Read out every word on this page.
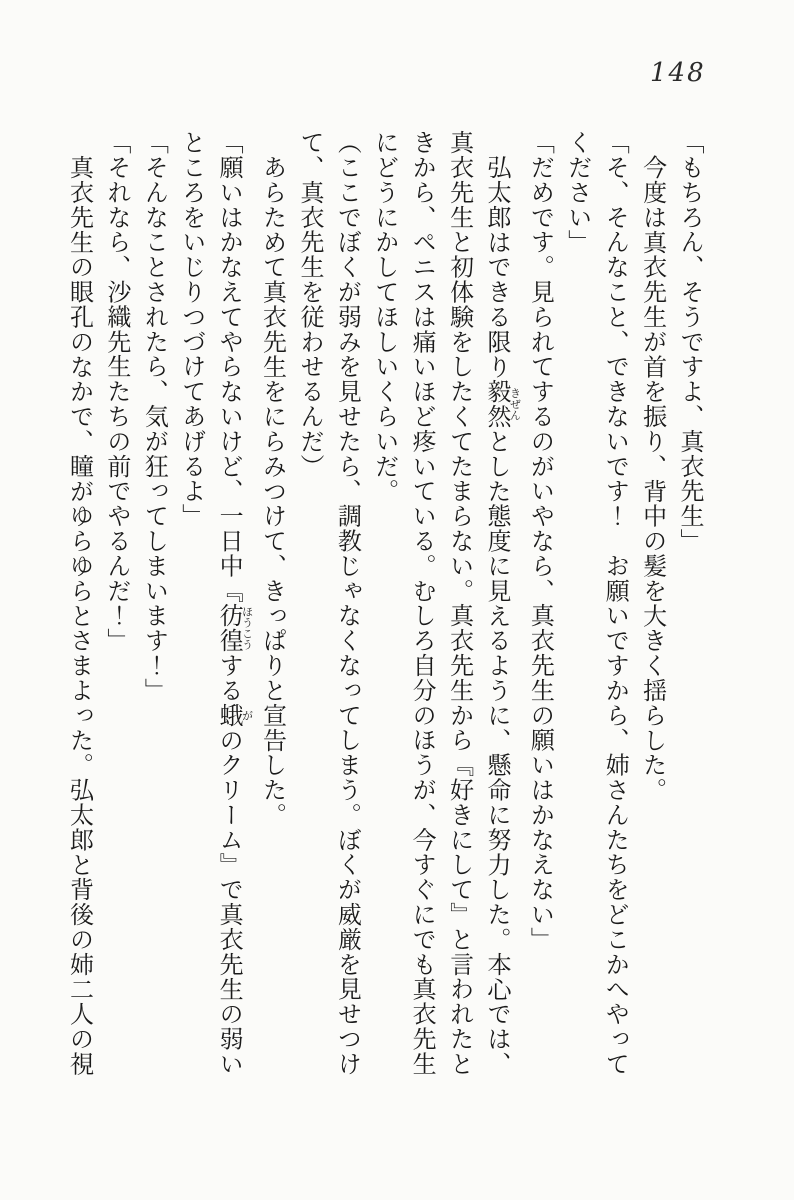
148
「もちろん、そうですよ、真衣先生」
今度は真衣先生が首を振り、背中の髪を大きく揺らした。
「そ、そんなこと、できないです！　お願いですから、姉さんたちをどこかへやって
ください」
「だめです。見られてするのがいやなら、真衣先生の願いはかなえない」
弘太郎はできる限り毅然きぜんとした態度に見えるように、懸命に努力した。本心では、
真衣先生と初体験をしたくてたまらない。真衣先生から『好きにして』と言われたと
きから、ペニスは痛いほど疼いている。むしろ自分のほうが、今すぐにでも真衣先生
にどうにかしてほしいくらいだ。
（ここでぼくが弱みを見せたら、調教じゃなくなってしまう。ぼくが威厳を見せつけ
て、真衣先生を従わせるんだ）
あらためて真衣先生をにらみつけて、きっぱりと宣告した。
「願いはかなえてやらないけど、一日中『彷徨ほうこうする蛾がのクリーム』で真衣先生の弱い
ところをいじりつづけてあげるよ」
「そんなことされたら、気が狂ってしまいます！」
「それなら、沙織先生たちの前でやるんだ！」
真衣先生の眼孔のなかで、瞳がゆらゆらとさまよった。弘太郎と背後の姉二人の視
